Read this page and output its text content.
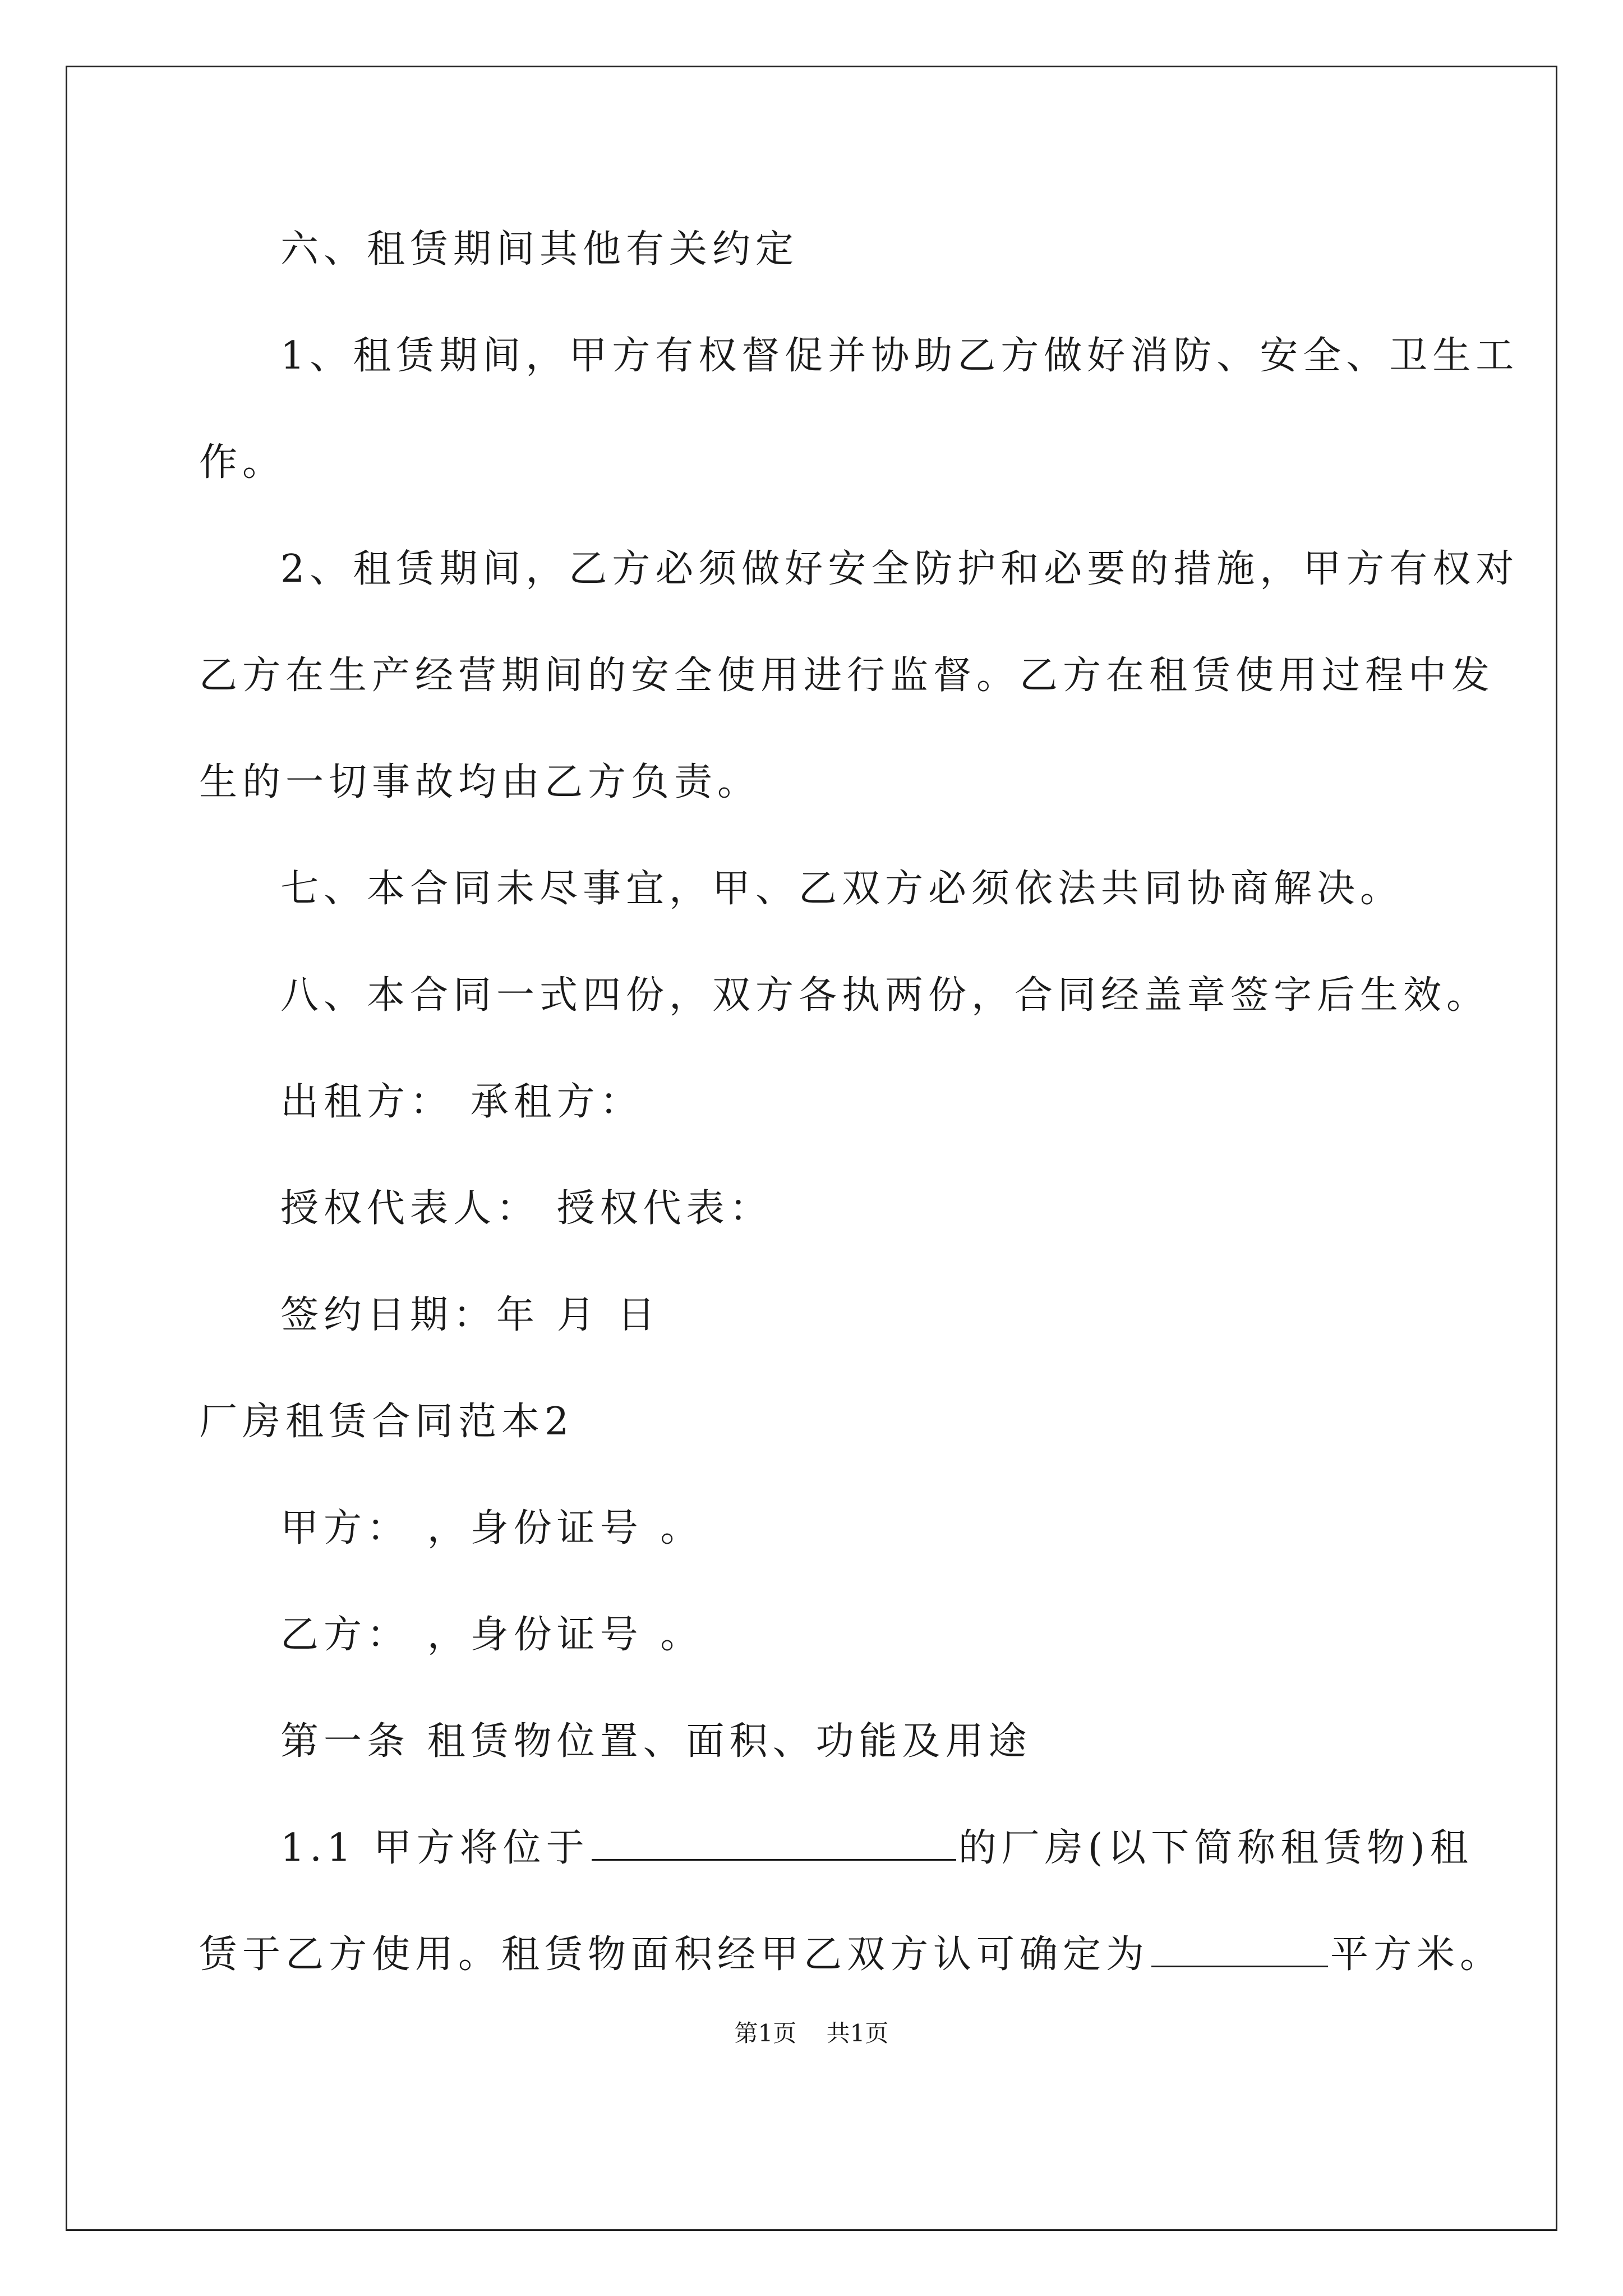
六、租赁期间其他有关约定
1、租赁期间，甲方有权督促并协助乙方做好消防、安全、卫生工
作。
2、租赁期间，乙方必须做好安全防护和必要的措施，甲方有权对
乙方在生产经营期间的安全使用进行监督。乙方在租赁使用过程中发
生的一切事故均由乙方负责。
七、本合同未尽事宜，甲、乙双方必须依法共同协商解决。
八、本合同一式四份，双方各执两份，合同经盖章签字后生效。
出租方： 承租方：
授权代表人： 授权代表：
签约日期：年 月 日
厂房租赁合同范本2
甲方： ，身份证号 。
乙方： ，身份证号 。
第一条 租赁物位置、面积、功能及用途
1.1 甲方将位于	的厂房(以下简称租赁物)租
赁于乙方使用。租赁物面积经甲乙双方认可确定为	平方米。
第1页    共1页
